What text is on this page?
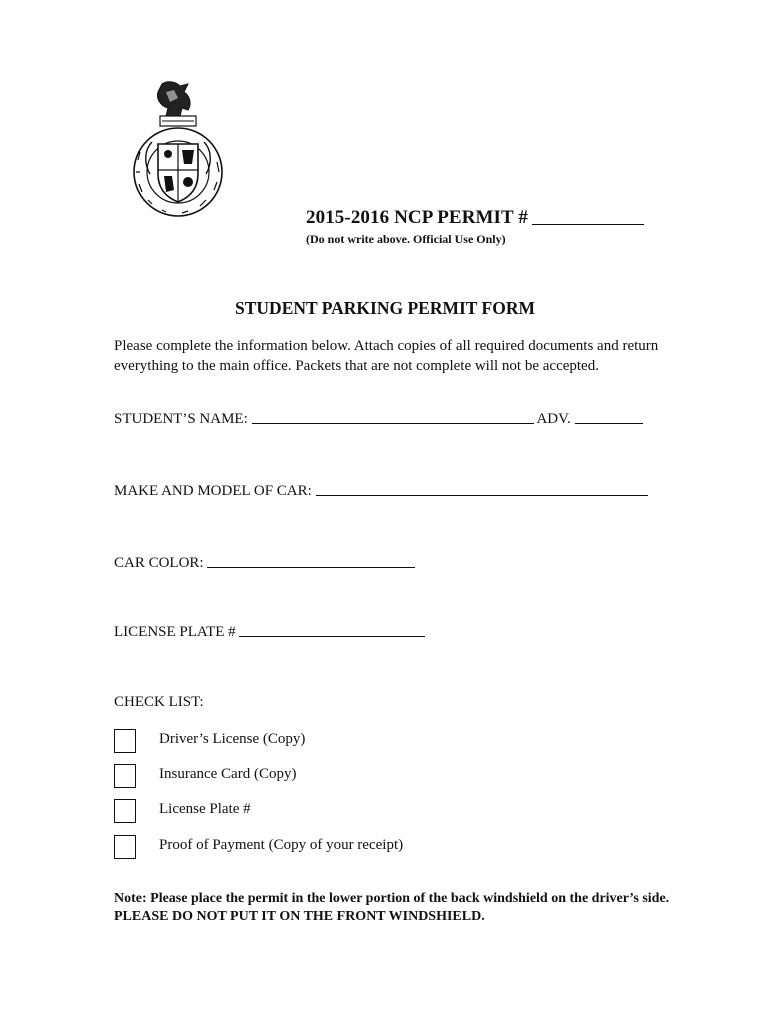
2015-2016 NCP PERMIT #
(Do not write above. Official Use Only)
STUDENT PARKING PERMIT FORM
Please complete the information below. Attach copies of all required documents and return everything to the main office. Packets that are not complete will not be accepted.
STUDENT’S NAME:	ADV.
MAKE AND MODEL OF CAR:
CAR COLOR:
LICENSE PLATE #
CHECK LIST:
Driver’s License (Copy)
Insurance Card (Copy)
License Plate #
Proof of Payment (Copy of your receipt)
Note: Please place the permit in the lower portion of the back windshield on the driver’s side. PLEASE DO NOT PUT IT ON THE FRONT WINDSHIELD.
